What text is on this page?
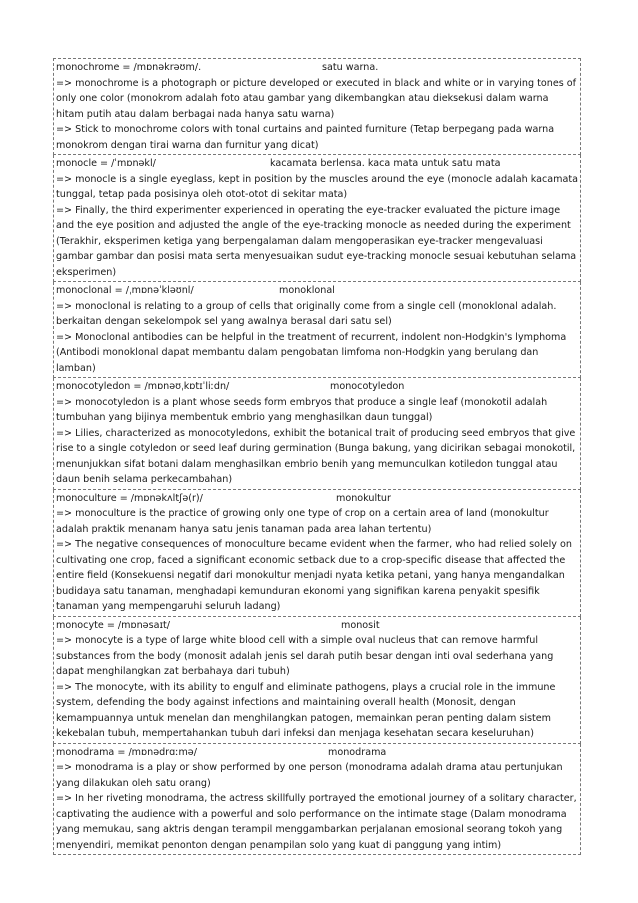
monochrome = /mɒnəkrəʊm/.	satu warna.
=> monochrome is a photograph or picture developed or executed in black and white or in varying tones of only one color (monokrom adalah foto atau gambar yang dikembangkan atau dieksekusi dalam warna hitam putih atau dalam berbagai nada hanya satu warna)
=> Stick to monochrome colors with tonal curtains and painted furniture (Tetap berpegang pada warna monokrom dengan tirai warna dan furnitur yang dicat)
monocle = /ˈmɒnəkl/	kacamata berlensa. kaca mata untuk satu mata
=> monocle is a single eyeglass, kept in position by the muscles around the eye (monocle adalah kacamata tunggal, tetap pada posisinya oleh otot-otot di sekitar mata)
=> Finally, the third experimenter experienced in operating the eye-tracker evaluated the picture image and the eye position and adjusted the angle of the eye-tracking monocle as needed during the experiment (Terakhir, eksperimen ketiga yang berpengalaman dalam mengoperasikan eye-tracker mengevaluasi gambar gambar dan posisi mata serta menyesuaikan sudut eye-tracking monocle sesuai kebutuhan selama eksperimen)
monoclonal = /ˌmɒnəˈkləʊnl/	monoklonal
=> monoclonal is relating to a group of cells that originally come from a single cell (monoklonal adalah. berkaitan dengan sekelompok sel yang awalnya berasal dari satu sel)
=> Monoclonal antibodies can be helpful in the treatment of recurrent, indolent non-Hodgkin's lymphoma (Antibodi monoklonal dapat membantu dalam pengobatan limfoma non-Hodgkin yang berulang dan lamban)
monocotyledon = /mɒnəʊˌkɒtɪˈliːdn/	monocotyledon
=> monocotyledon is a plant whose seeds form embryos that produce a single leaf (monokotil adalah tumbuhan yang bijinya membentuk embrio yang menghasilkan daun tunggal)
=> Lilies, characterized as monocotyledons, exhibit the botanical trait of producing seed embryos that give rise to a single cotyledon or seed leaf during germination (Bunga bakung, yang dicirikan sebagai monokotil, menunjukkan sifat botani dalam menghasilkan embrio benih yang memunculkan kotiledon tunggal atau daun benih selama perkecambahan)
monoculture = /mɒnəkʌltʃə(r)/	monokultur
=> monoculture is the practice of growing only one type of crop on a certain area of land (monokultur adalah praktik menanam hanya satu jenis tanaman pada area lahan tertentu)
=> The negative consequences of monoculture became evident when the farmer, who had relied solely on cultivating one crop, faced a significant economic setback due to a crop-specific disease that affected the entire field (Konsekuensi negatif dari monokultur menjadi nyata ketika petani, yang hanya mengandalkan budidaya satu tanaman, menghadapi kemunduran ekonomi yang signifikan karena penyakit spesifik tanaman yang mempengaruhi seluruh ladang)
monocyte = /mɒnəsaɪt/	monosit
=> monocyte is a type of large white blood cell with a simple oval nucleus that can remove harmful substances from the body (monosit adalah jenis sel darah putih besar dengan inti oval sederhana yang dapat menghilangkan zat berbahaya dari tubuh)
=> The monocyte, with its ability to engulf and eliminate pathogens, plays a crucial role in the immune system, defending the body against infections and maintaining overall health (Monosit, dengan kemampuannya untuk menelan dan menghilangkan patogen, memainkan peran penting dalam sistem kekebalan tubuh, mempertahankan tubuh dari infeksi dan menjaga kesehatan secara keseluruhan)
monodrama = /mɒnədrɑːmə/	monodrama
=> monodrama is a play or show performed by one person (monodrama adalah drama atau pertunjukan yang dilakukan oleh satu orang)
=> In her riveting monodrama, the actress skillfully portrayed the emotional journey of a solitary character, captivating the audience with a powerful and solo performance on the intimate stage (Dalam monodrama yang memukau, sang aktris dengan terampil menggambarkan perjalanan emosional seorang tokoh yang menyendiri, memikat penonton dengan penampilan solo yang kuat di panggung yang intim)
